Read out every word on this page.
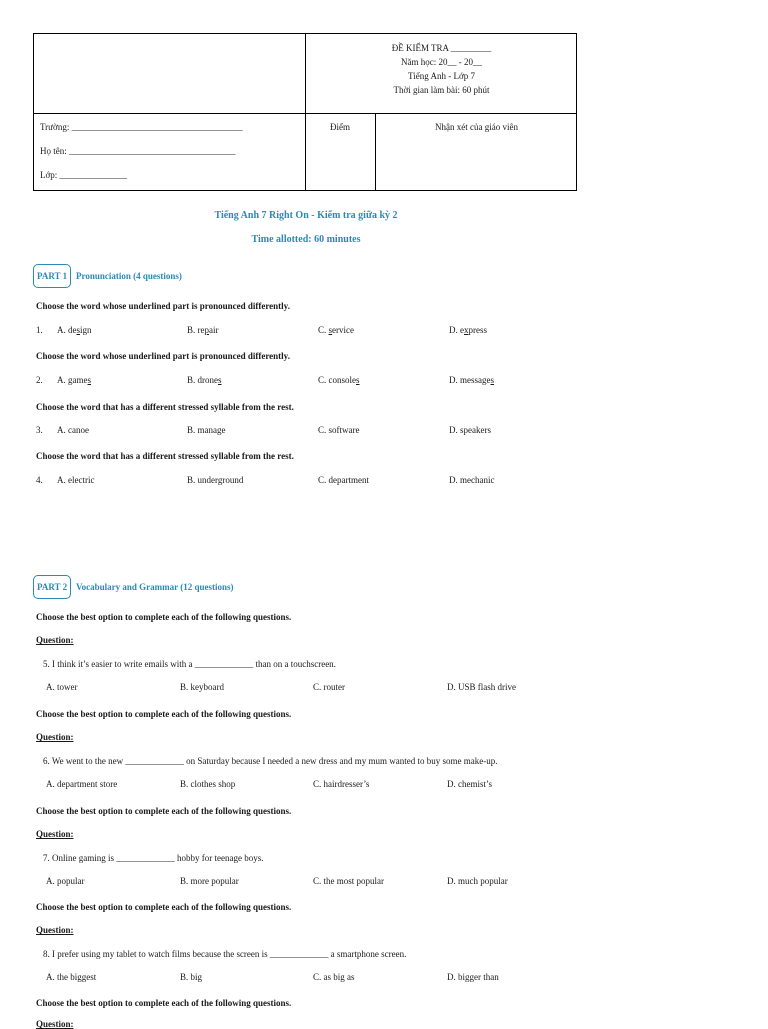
ĐỀ KIỂM TRA _________
Năm học: 20__ - 20__
Tiếng Anh - Lớp 7
Thời gian làm bài: 60 phút
Trường: ______________________________________
Họ tên: _____________________________________
Lớp: _______________
Điểm	Nhận xét của giáo viên
Tiếng Anh 7 Right On - Kiểm tra giữa kỳ 2
Time allotted: 60 minutes
PART 1 Pronunciation (4 questions)
Choose the word whose underlined part is pronounced differently.
1. A. design	B. repair	C. service	D. express
Choose the word whose underlined part is pronounced differently.
2. A. games	B. drones	C. consoles	D. messages
Choose the word that has a different stressed syllable from the rest.
3. A. canoe	B. manage	C. software	D. speakers
Choose the word that has a different stressed syllable from the rest.
4. A. electric	B. underground	C. department	D. mechanic
PART 2 Vocabulary and Grammar (12 questions)
Choose the best option to complete each of the following questions.
Question:
5. I think it’s easier to write emails with a _____________ than on a touchscreen.
A. tower	B. keyboard	C. router	D. USB flash drive
Choose the best option to complete each of the following questions.
Question:
6. We went to the new _____________ on Saturday because I needed a new dress and my mum wanted to buy some make-up.
A. department store	B. clothes shop	C. hairdresser’s	D. chemist’s
Choose the best option to complete each of the following questions.
Question:
7. Online gaming is _____________ hobby for teenage boys.
A. popular	B. more popular	C. the most popular	D. much popular
Choose the best option to complete each of the following questions.
Question:
8. I prefer using my tablet to watch films because the screen is _____________ a smartphone screen.
A. the biggest	B. big	C. as big as	D. bigger than
Choose the best option to complete each of the following questions.
Question:
